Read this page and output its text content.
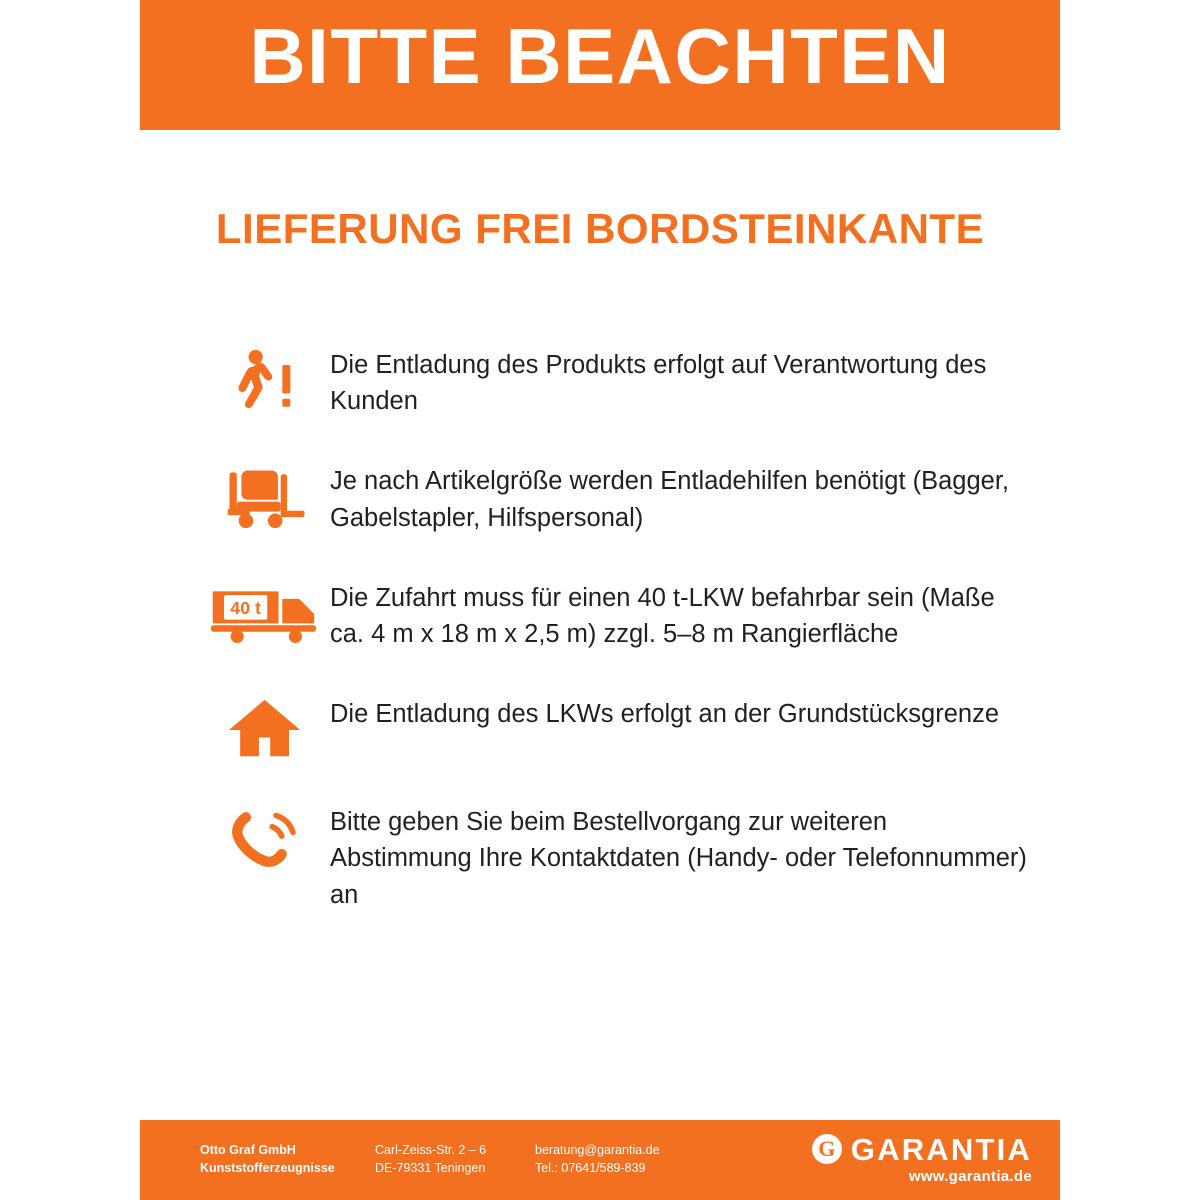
BITTE BEACHTEN
LIEFERUNG FREI BORDSTEINKANTE
Die Entladung des Produkts erfolgt auf Verantwortung des Kunden
Je nach Artikelgröße werden Entladehilfen benötigt (Bagger, Gabelstapler, Hilfspersonal)
40 t	Die Zufahrt muss für einen 40 t-LKW befahrbar sein (Maße ca. 4 m x 18 m x 2,5 m) zzgl. 5–8 m Rangierfläche
Die Entladung des LKWs erfolgt an der Grundstücksgrenze
Bitte geben Sie beim Bestellvorgang zur weiteren Abstimmung Ihre Kontaktdaten (Handy- oder Telefonnummer) an
Otto Graf GmbH
Kunststofferzeugnisse
Carl-Zeiss-Str. 2 – 6
DE-79331 Teningen
beratung@garantia.de
Tel.: 07641/589-839
G GARANTIA
www.garantia.de
